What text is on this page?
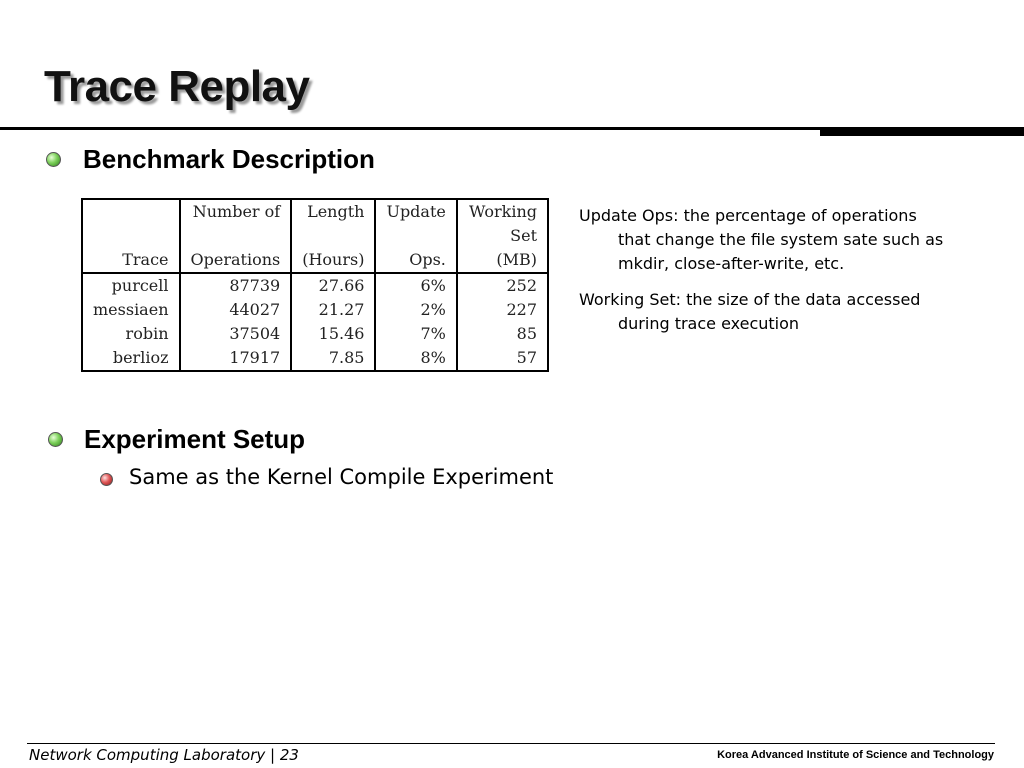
Trace Replay
Benchmark Description
	Number of	Length	Update	Working
Trace	Operations	(Hours)	Ops.	Set (MB)
purcell	87739	27.66	6%	252
messiaen	44027	21.27	2%	227
robin	37504	15.46	7%	85
berlioz	17917	7.85	8%	57
Update Ops: the percentage of operations
that change the file system sate such as
mkdir, close-after-write, etc.
Working Set: the size of the data accessed
during trace execution
Experiment Setup
Same as the Kernel Compile Experiment
Network Computing Laboratory | 23	Korea Advanced Institute of Science and Technology
